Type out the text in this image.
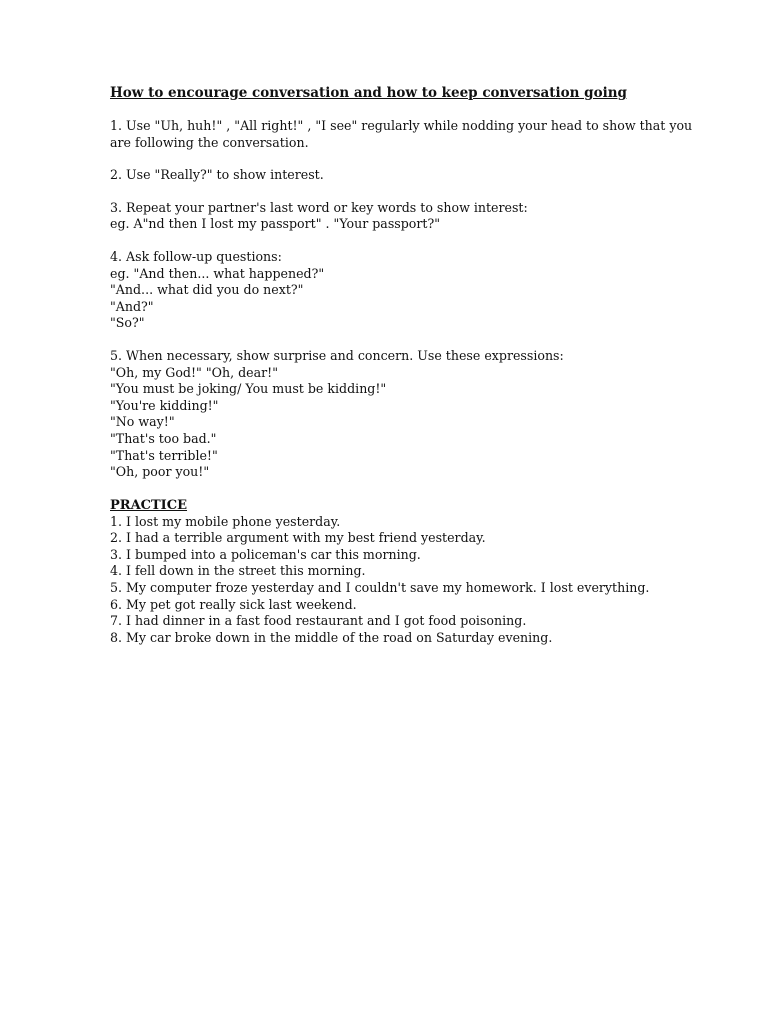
How to encourage conversation and how to keep conversation going
1. Use "Uh, huh!" , "All right!" , "I see" regularly while nodding your head to show that you
are following the conversation.
2. Use "Really?" to show interest.
3. Repeat your partner's last word or key words to show interest:
eg. A"nd then I lost my passport" . "Your passport?"
4. Ask follow-up questions:
eg. "And then... what happened?"
"And... what did you do next?"
"And?"
"So?"
5. When necessary, show surprise and concern. Use these expressions:
"Oh, my God!" "Oh, dear!"
"You must be joking/ You must be kidding!"
"You're kidding!"
"No way!"
"That's too bad."
"That's terrible!"
"Oh, poor you!"
PRACTICE
1. I lost my mobile phone yesterday.
2. I had a terrible argument with my best friend yesterday.
3. I bumped into a policeman's car this morning.
4. I fell down in the street this morning.
5. My computer froze yesterday and I couldn't save my homework. I lost everything.
6. My pet got really sick last weekend.
7. I had dinner in a fast food restaurant and I got food poisoning.
8. My car broke down in the middle of the road on Saturday evening.
